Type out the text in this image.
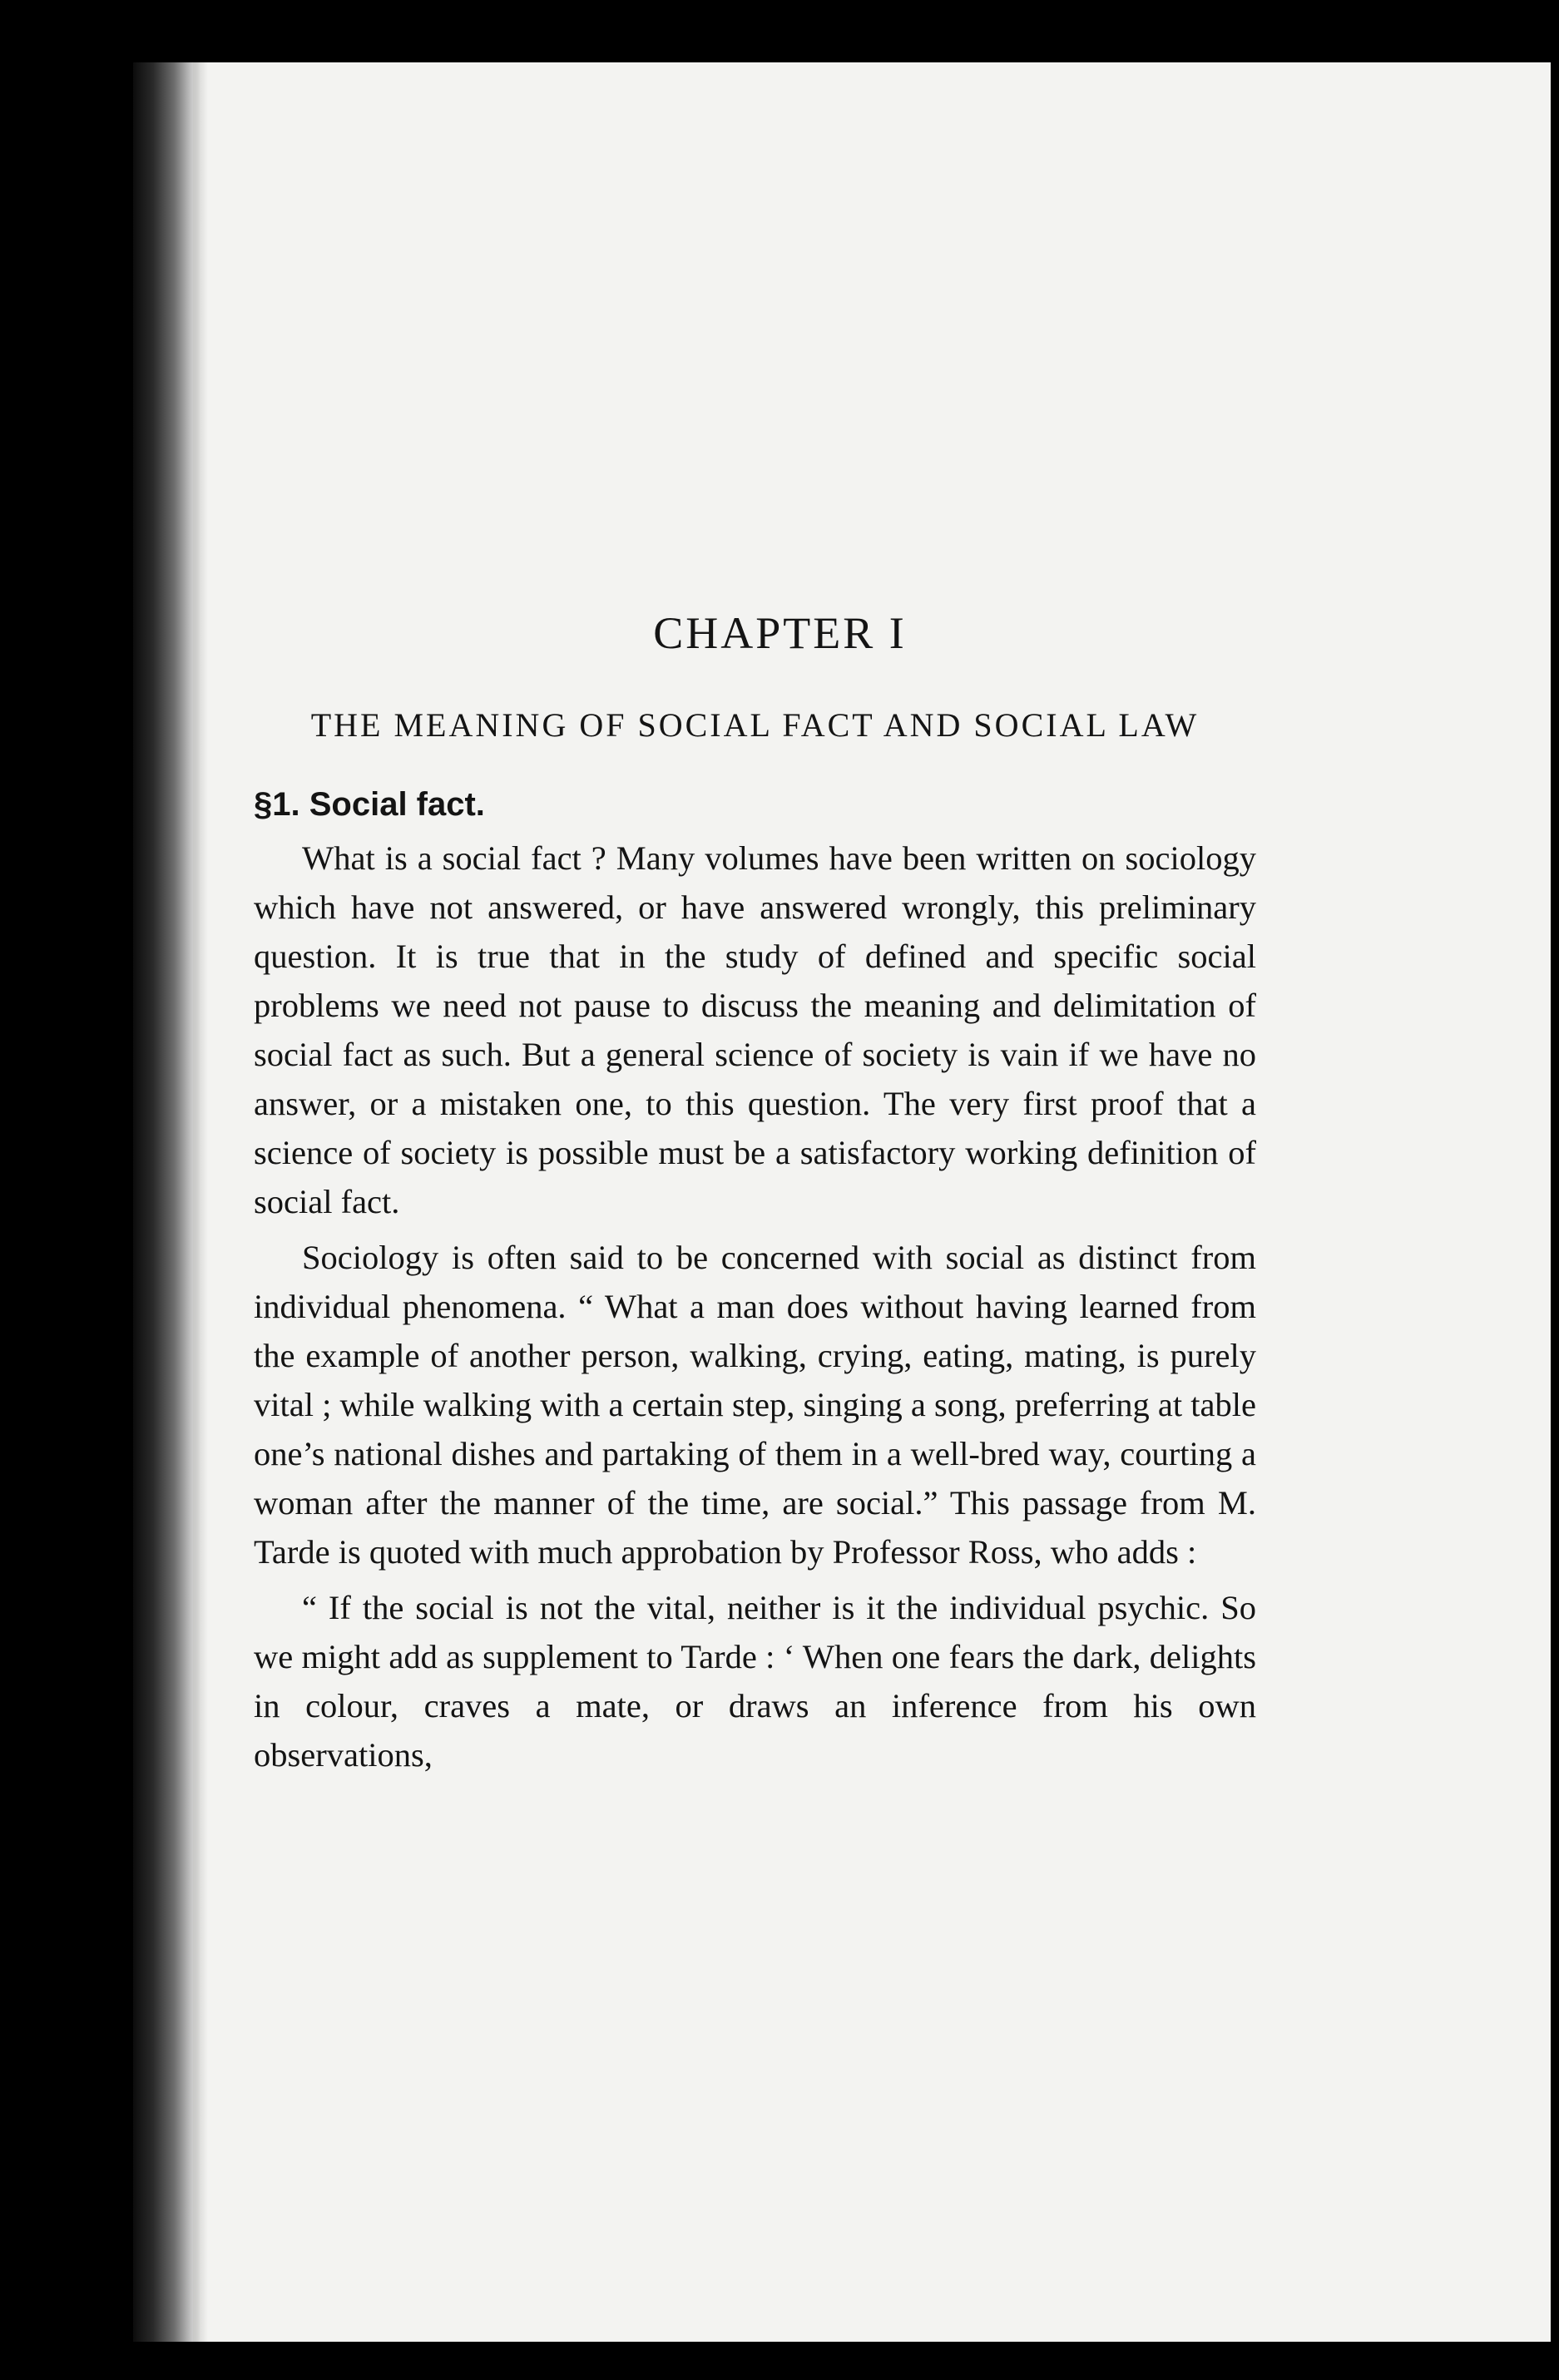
CHAPTER I
THE MEANING OF SOCIAL FACT AND SOCIAL LAW
§1. Social fact.

What is a social fact ? Many volumes have been written on sociology which have not answered, or have answered wrongly, this preliminary question. It is true that in the study of defined and specific social problems we need not pause to discuss the meaning and delimitation of social fact as such. But a general science of society is vain if we have no answer, or a mistaken one, to this question. The very first proof that a science of society is possible must be a satisfactory working definition of social fact.

Sociology is often said to be concerned with social as distinct from individual phenomena. “ What a man does without having learned from the example of another person, walking, crying, eating, mating, is purely vital ; while walking with a certain step, singing a song, preferring at table one’s national dishes and partaking of them in a well-bred way, courting a woman after the manner of the time, are social.” This passage from M. Tarde is quoted with much approbation by Professor Ross, who adds :

“ If the social is not the vital, neither is it the individual psychic. So we might add as supplement to Tarde : ‘ When one fears the dark, delights in colour, craves a mate, or draws an inference from his own observations,
